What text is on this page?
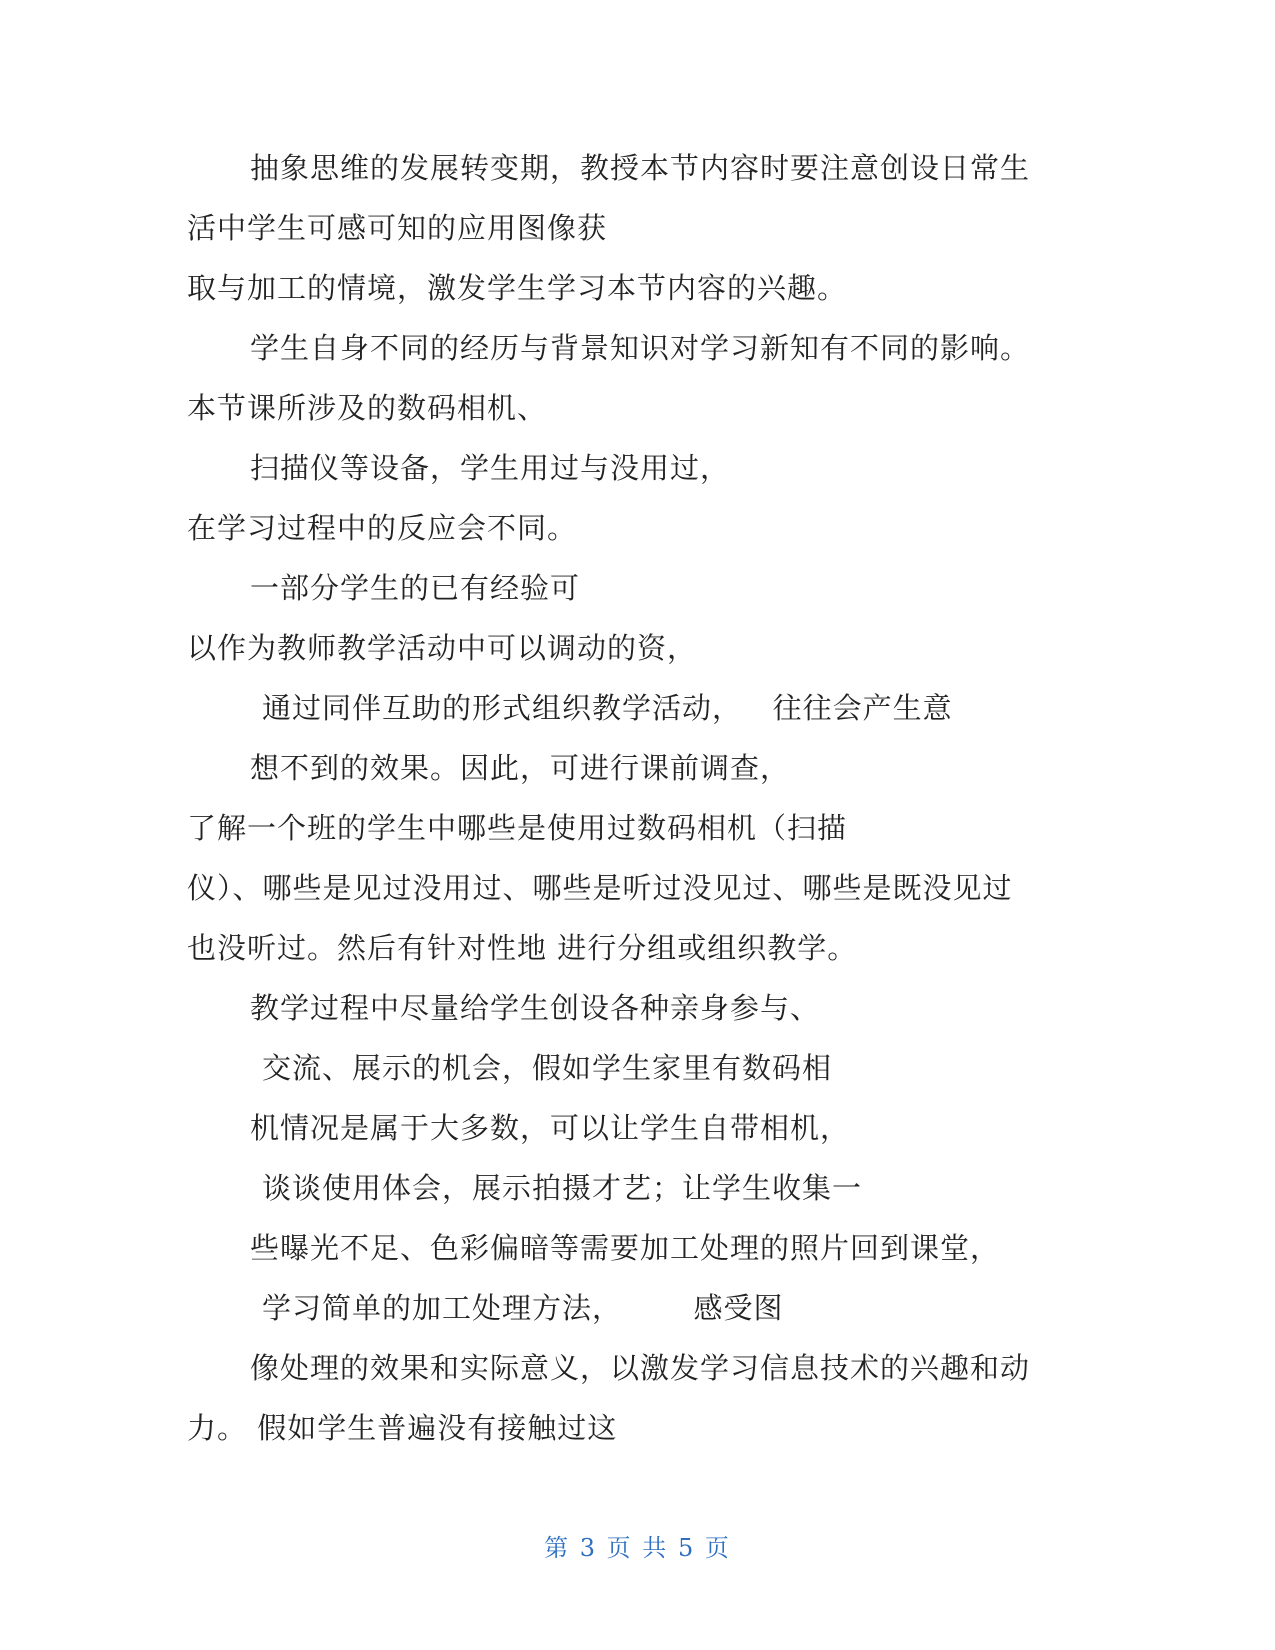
抽象思维的发展转变期，教授本节内容时要注意创设日常生
活中学生可感可知的应用图像获
取与加工的情境，激发学生学习本节内容的兴趣。
学生自身不同的经历与背景知识对学习新知有不同的影响。
本节课所涉及的数码相机、
扫描仪等设备，学生用过与没用过，
在学习过程中的反应会不同。
一部分学生的已有经验可
以作为教师教学活动中可以调动的资，
通过同伴互助的形式组织教学活动，   往往会产生意
想不到的效果。因此，可进行课前调查，
了解一个班的学生中哪些是使用过数码相机（扫描
仪）、哪些是见过没用过、哪些是听过没见过、哪些是既没见过
也没听过。然后有针对性地 进行分组或组织教学。
教学过程中尽量给学生创设各种亲身参与、
交流、展示的机会，假如学生家里有数码相
机情况是属于大多数，可以让学生自带相机，
谈谈使用体会，展示拍摄才艺；让学生收集一
些曝光不足、色彩偏暗等需要加工处理的照片回到课堂，
学习简单的加工处理方法，       感受图
像处理的效果和实际意义，以激发学习信息技术的兴趣和动
力。 假如学生普遍没有接触过这
第 3 页 共 5 页
